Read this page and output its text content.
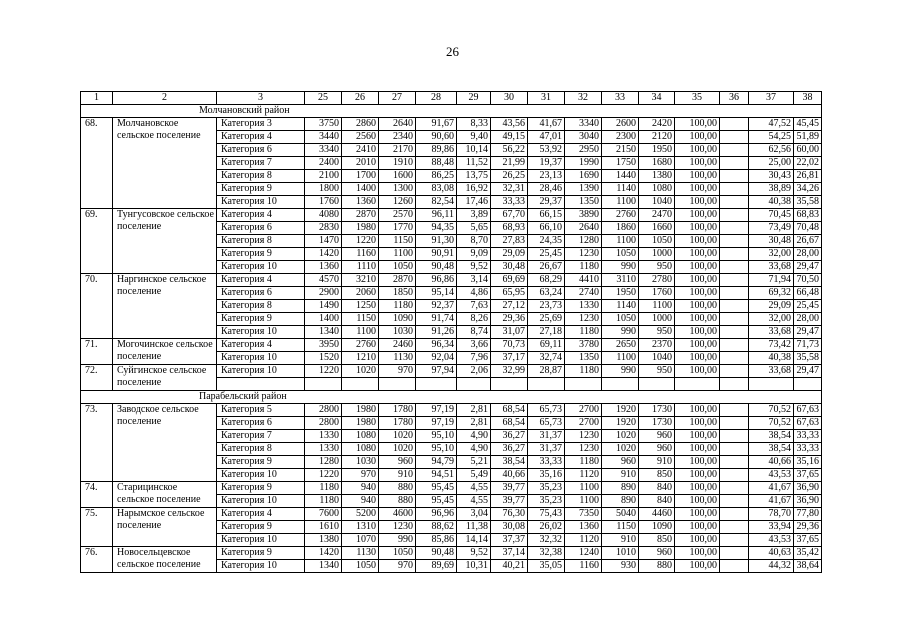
26
1	2	3	25	26	27	28	29	30	31	32	33	34	35	36	37	38
Молчановский район																
68.	Молчановское сельское поселение	Категория 3	3750	2860	2640	91,67	8,33	43,56	41,67	3340	2600	2420	100,00		47,52	45,45
		Категория 4	3440	2560	2340	90,60	9,40	49,15	47,01	3040	2300	2120	100,00		54,25	51,89
		Категория 6	3340	2410	2170	89,86	10,14	56,22	53,92	2950	2150	1950	100,00		62,56	60,00
		Категория 7	2400	2010	1910	88,48	11,52	21,99	19,37	1990	1750	1680	100,00		25,00	22,02
		Категория 8	2100	1700	1600	86,25	13,75	26,25	23,13	1690	1440	1380	100,00		30,43	26,81
		Категория 9	1800	1400	1300	83,08	16,92	32,31	28,46	1390	1140	1080	100,00		38,89	34,26
		Категория 10	1760	1360	1260	82,54	17,46	33,33	29,37	1350	1100	1040	100,00		40,38	35,58
69.	Тунгусовское сельское поселение	Категория 4	4080	2870	2570	96,11	3,89	67,70	66,15	3890	2760	2470	100,00		70,45	68,83
		Категория 6	2830	1980	1770	94,35	5,65	68,93	66,10	2640	1860	1660	100,00		73,49	70,48
		Категория 8	1470	1220	1150	91,30	8,70	27,83	24,35	1280	1100	1050	100,00		30,48	26,67
		Категория 9	1420	1160	1100	90,91	9,09	29,09	25,45	1230	1050	1000	100,00		32,00	28,00
		Категория 10	1360	1110	1050	90,48	9,52	30,48	26,67	1180	990	950	100,00		33,68	29,47
70.	Наргинское сельское поселение	Категория 4	4570	3210	2870	96,86	3,14	69,69	68,29	4410	3110	2780	100,00		71,94	70,50
		Категория 6	2900	2060	1850	95,14	4,86	65,95	63,24	2740	1950	1760	100,00		69,32	66,48
		Категория 8	1490	1250	1180	92,37	7,63	27,12	23,73	1330	1140	1100	100,00		29,09	25,45
		Категория 9	1400	1150	1090	91,74	8,26	29,36	25,69	1230	1050	1000	100,00		32,00	28,00
		Категория 10	1340	1100	1030	91,26	8,74	31,07	27,18	1180	990	950	100,00		33,68	29,47
71.	Могочинское сельское поселение	Категория 4	3950	2760	2460	96,34	3,66	70,73	69,11	3780	2650	2370	100,00		73,42	71,73
		Категория 10	1520	1210	1130	92,04	7,96	37,17	32,74	1350	1100	1040	100,00		40,38	35,58
72.	Суйгинское сельское поселение	Категория 10	1220	1020	970	97,94	2,06	32,99	28,87	1180	990	950	100,00		33,68	29,47

Парабельский район																
73.	Заводское сельское поселение	Категория 5	2800	1980	1780	97,19	2,81	68,54	65,73	2700	1920	1730	100,00		70,52	67,63
		Категория 6	2800	1980	1780	97,19	2,81	68,54	65,73	2700	1920	1730	100,00		70,52	67,63
		Категория 7	1330	1080	1020	95,10	4,90	36,27	31,37	1230	1020	960	100,00		38,54	33,33
		Категория 8	1330	1080	1020	95,10	4,90	36,27	31,37	1230	1020	960	100,00		38,54	33,33
		Категория 9	1280	1030	960	94,79	5,21	38,54	33,33	1180	960	910	100,00		40,66	35,16
		Категория 10	1220	970	910	94,51	5,49	40,66	35,16	1120	910	850	100,00		43,53	37,65
74.	Старицинское сельское поселение	Категория 9	1180	940	880	95,45	4,55	39,77	35,23	1100	890	840	100,00		41,67	36,90
		Категория 10	1180	940	880	95,45	4,55	39,77	35,23	1100	890	840	100,00		41,67	36,90
75.	Нарымское сельское поселение	Категория 4	7600	5200	4600	96,96	3,04	76,30	75,43	7350	5040	4460	100,00		78,70	77,80
		Категория 9	1610	1310	1230	88,62	11,38	30,08	26,02	1360	1150	1090	100,00		33,94	29,36
		Категория 10	1380	1070	990	85,86	14,14	37,37	32,32	1120	910	850	100,00		43,53	37,65
76.	Новосельцевское сельское поселение	Категория 9	1420	1130	1050	90,48	9,52	37,14	32,38	1240	1010	960	100,00		40,63	35,42
		Категория 10	1340	1050	970	89,69	10,31	40,21	35,05	1160	930	880	100,00		44,32	38,64
